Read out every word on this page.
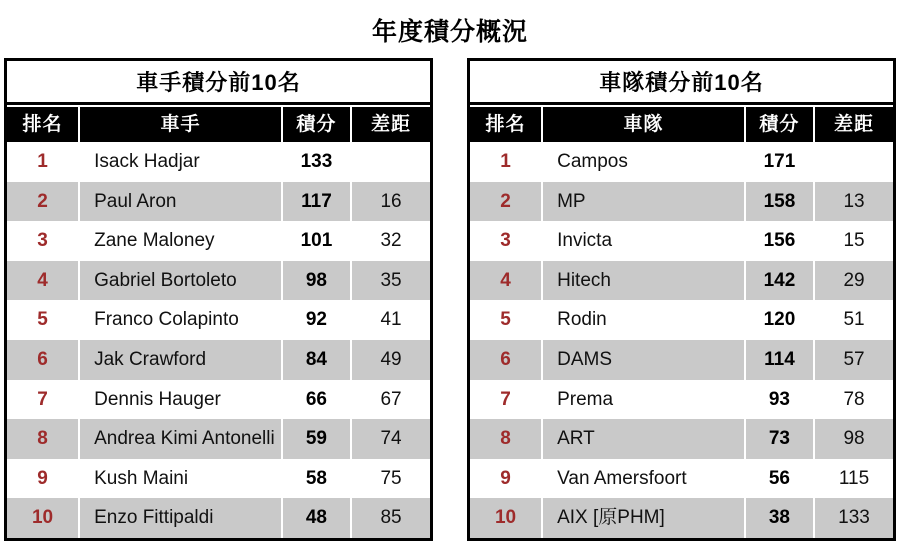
年度積分概況
車手積分前10名
排名	車手	積分	差距
1	Isack Hadjar	133
2	Paul Aron	117	16
3	Zane Maloney	101	32
4	Gabriel Bortoleto	98	35
5	Franco Colapinto	92	41
6	Jak Crawford	84	49
7	Dennis Hauger	66	67
8	Andrea Kimi Antonelli	59	74
9	Kush Maini	58	75
10	Enzo Fittipaldi	48	85
車隊積分前10名
排名	車隊	積分	差距
1	Campos	171
2	MP	158	13
3	Invicta	156	15
4	Hitech	142	29
5	Rodin	120	51
6	DAMS	114	57
7	Prema	93	78
8	ART	73	98
9	Van Amersfoort	56	115
10	AIX [原PHM]	38	133
